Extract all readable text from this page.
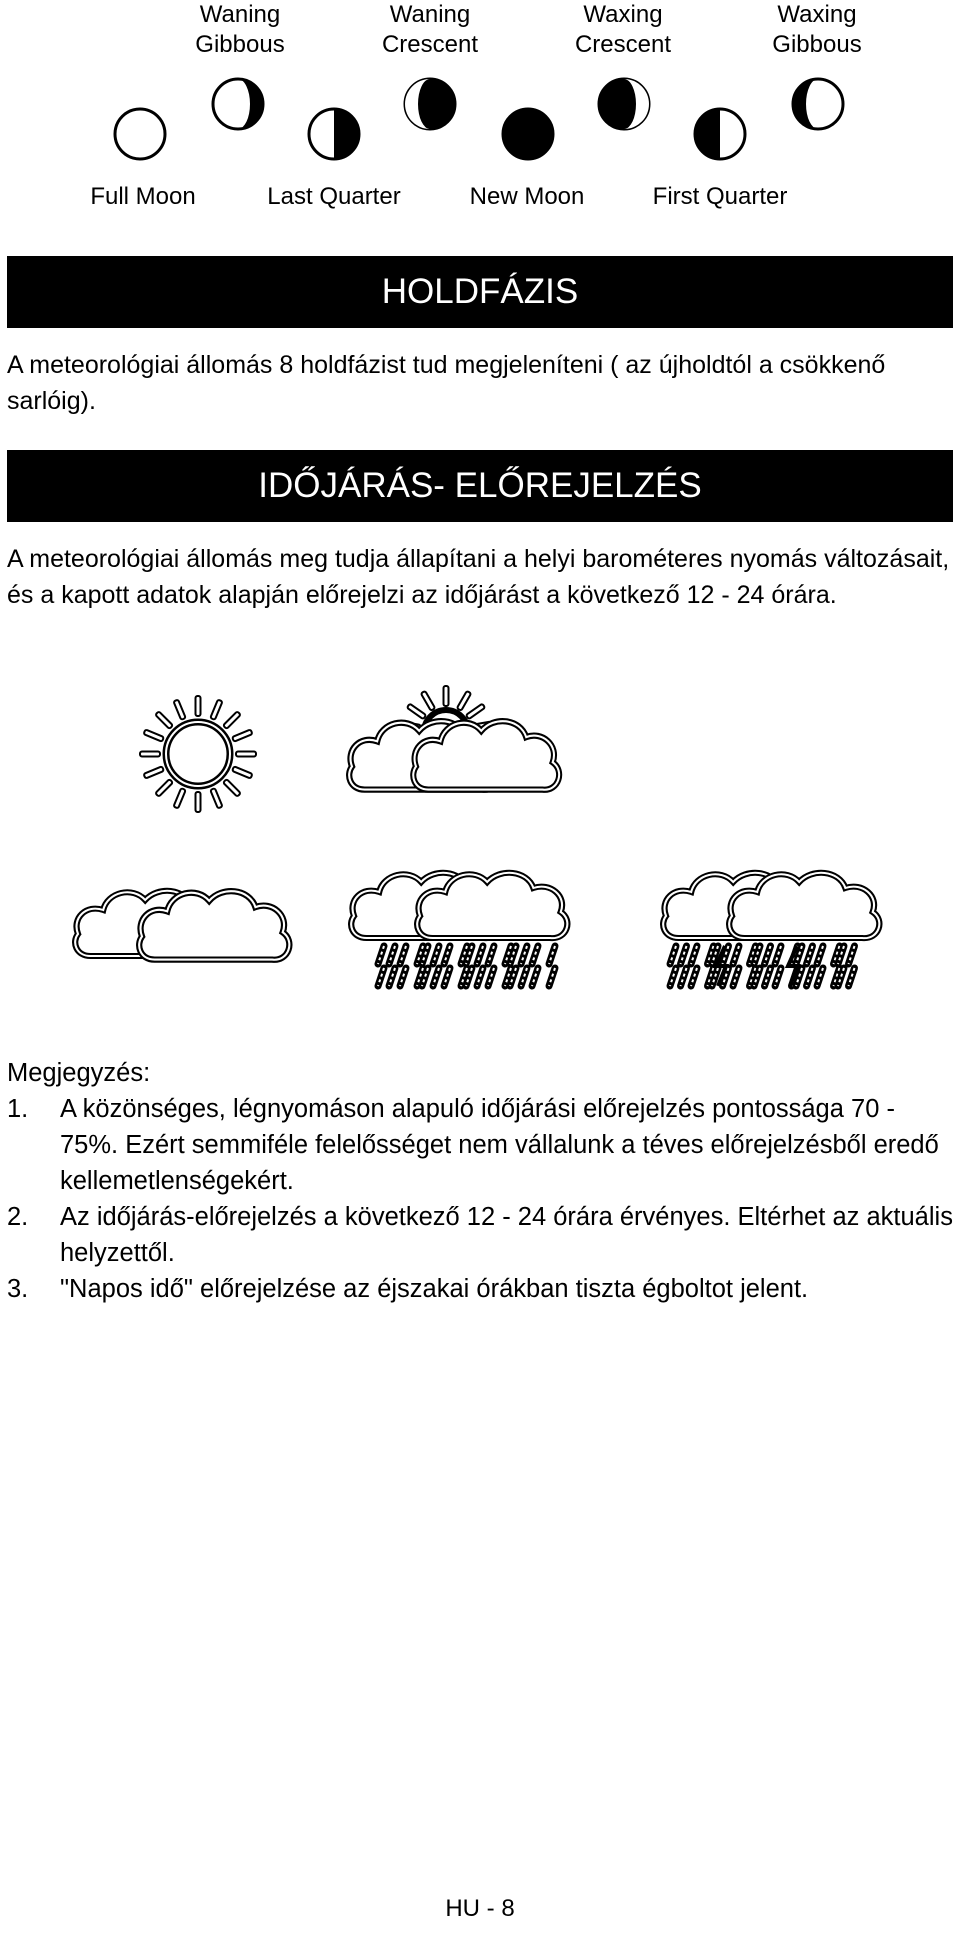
Waning
Gibbous
Waning
Crescent
Waxing
Crescent
Waxing
Gibbous
Full Moon	Last Quarter	New Moon	First Quarter
HOLDFÁZIS
A meteorológiai állomás 8 holdfázist tud megjeleníteni ( az újholdtól a csökkenő sarlóig).
IDŐJÁRÁS- ELŐREJELZÉS
A meteorológiai állomás meg tudja állapítani a helyi barométeres nyomás változásait, és a kapott adatok alapján előrejelzi az időjárást a következő 12 - 24 órára.
Megjegyzés:
1. A közönséges, légnyomáson alapuló időjárási előrejelzés pontossága 70 - 75%. Ezért semmiféle felelősséget nem vállalunk a téves előrejelzésből eredő kellemetlenségekért.
2. Az időjárás-előrejelzés a következő 12 - 24 órára érvényes. Eltérhet az aktuális helyzettől.
3. "Napos idő" előrejelzése az éjszakai órákban tiszta égboltot jelent.
HU - 8
